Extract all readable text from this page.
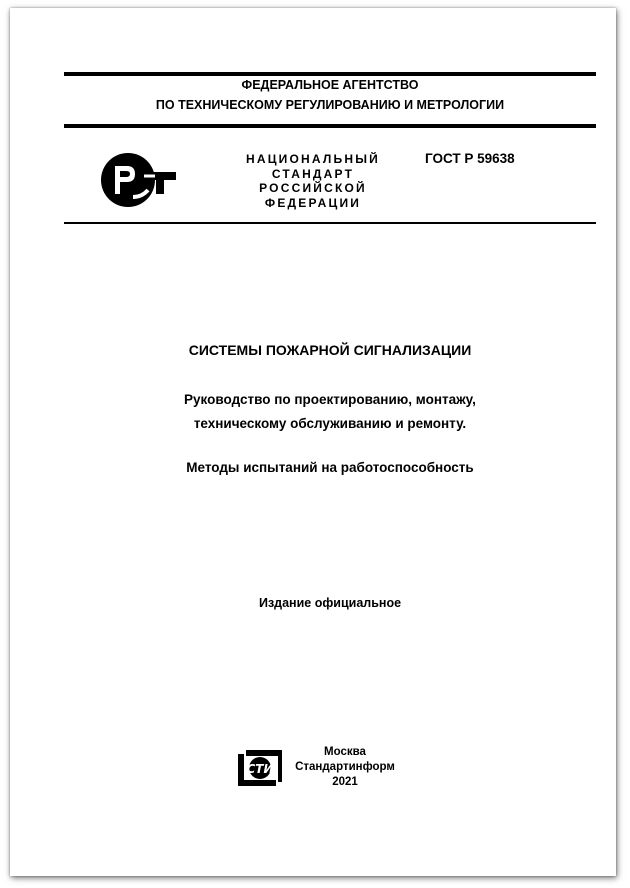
ФЕДЕРАЛЬНОЕ АГЕНТСТВО
ПО ТЕХНИЧЕСКОМУ РЕГУЛИРОВАНИЮ И МЕТРОЛОГИИ
НАЦИОНАЛЬНЫЙ
СТАНДАРТ
РОССИЙСКОЙ
ФЕДЕРАЦИИ
ГОСТ Р 59638
СИСТЕМЫ ПОЖАРНОЙ СИГНАЛИЗАЦИИ
Руководство по проектированию, монтажу,
техническому обслуживанию и ремонту.
Методы испытаний на работоспособность
Издание официальное
СТИ
Москва
Стандартинформ
2021
